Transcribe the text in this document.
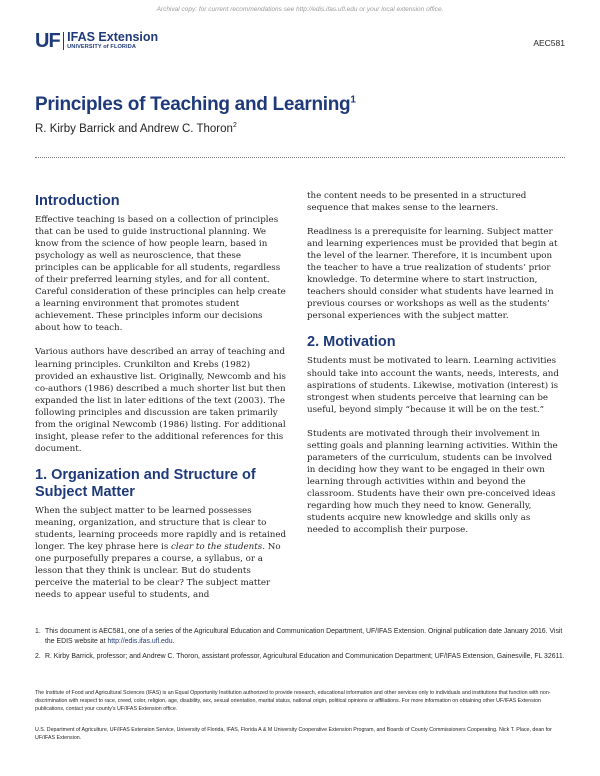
Archival copy: for current recommendations see http://edis.ifas.ufl.edu or your local extension office.
UF IFAS Extension
UNIVERSITY of FLORIDA	AEC581
Principles of Teaching and Learning$^1$
R. Kirby Barrick and Andrew C. Thoron$^2$
Introduction

Effective teaching is based on a collection of principles that can be used to guide instructional planning. We know from the science of how people learn, based in psychology as well as neuroscience, that these principles can be applicable for all students, regardless of their preferred learning styles, and for all content. Careful consideration of these principles can help create a learning environment that promotes student achievement. These principles inform our decisions about how to teach.

Various authors have described an array of teaching and learning principles. Crunkilton and Krebs (1982) provided an exhaustive list. Originally, Newcomb and his co-authors (1986) described a much shorter list but then expanded the list in later editions of the text (2003). The following principles and discussion are taken primarily from the original Newcomb (1986) listing. For additional insight, please refer to the additional references for this document.

1. Organization and Structure of Subject Matter

When the subject matter to be learned possesses meaning, organization, and structure that is clear to students, learning proceeds more rapidly and is retained longer. The key phrase here is clear to the students. No one purposefully prepares a course, a syllabus, or a lesson that they think is unclear. But do students perceive the material to be clear? The subject matter needs to appear useful to students, and

the content needs to be presented in a structured sequence that makes sense to the learners.

Readiness is a prerequisite for learning. Subject matter and learning experiences must be provided that begin at the level of the learner. Therefore, it is incumbent upon the teacher to have a true realization of students’ prior knowledge. To determine where to start instruction, teachers should consider what students have learned in previous courses or workshops as well as the students’ personal experiences with the subject matter.

2. Motivation

Students must be motivated to learn. Learning activities should take into account the wants, needs, interests, and aspirations of students. Likewise, motivation (interest) is strongest when students perceive that learning can be useful, beyond simply “because it will be on the test.”

Students are motivated through their involvement in setting goals and planning learning activities. Within the parameters of the curriculum, students can be involved in deciding how they want to be engaged in their own learning through activities within and beyond the classroom. Students have their own pre-conceived ideas regarding how much they need to know. Generally, students acquire new knowledge and skills only as needed to accomplish their purpose.

1. This document is AEC581, one of a series of the Agricultural Education and Communication Department, UF/IFAS Extension. Original publication date January 2016. Visit the EDIS website at http://edis.ifas.ufl.edu.
2. R. Kirby Barrick, professor; and Andrew C. Thoron, assistant professor, Agricultural Education and Communication Department; UF/IFAS Extension, Gainesville, FL 32611.
The Institute of Food and Agricultural Sciences (IFAS) is an Equal Opportunity Institution authorized to provide research, educational information and other services only to individuals and institutions that function with non-discrimination with respect to race, creed, color, religion, age, disability, sex, sexual orientation, marital status, national origin, political opinions or affiliations. For more information on obtaining other UF/IFAS Extension publications, contact your county's UF/IFAS Extension office.
U.S. Department of Agriculture, UF/IFAS Extension Service, University of Florida, IFAS, Florida A & M University Cooperative Extension Program, and Boards of County Commissioners Cooperating. Nick T. Place, dean for UF/IFAS Extension.
